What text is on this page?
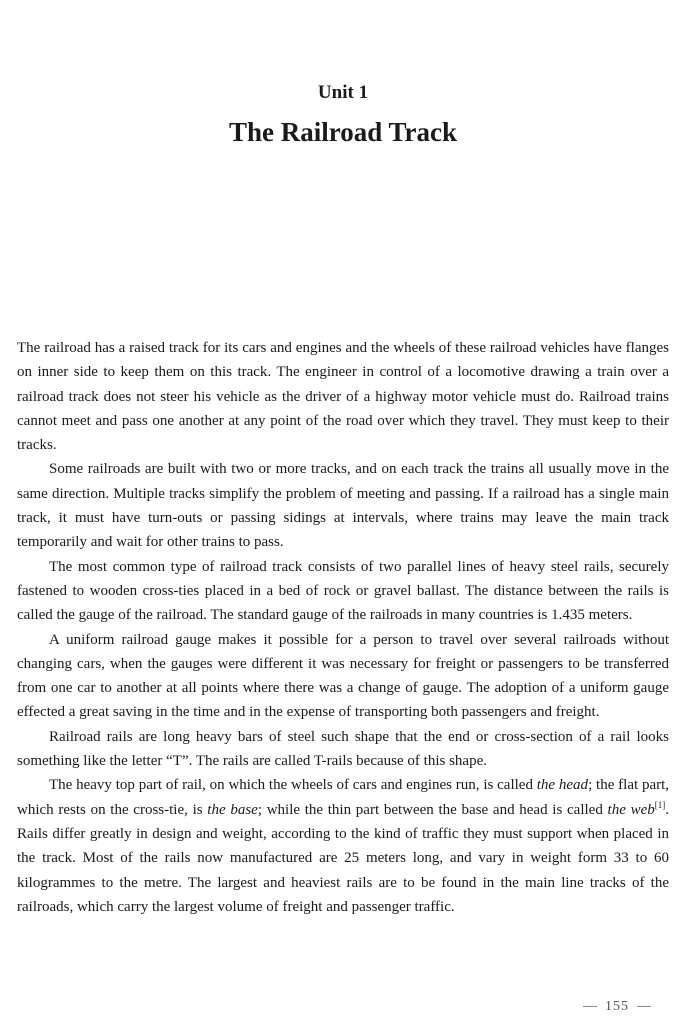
Unit 1
The Railroad Track

The railroad has a raised track for its cars and engines and the wheels of these railroad vehicles have flanges on inner side to keep them on this track. The engineer in control of a locomotive drawing a train over a railroad track does not steer his vehicle as the driver of a highway motor vehicle must do. Railroad trains cannot meet and pass one another at any point of the road over which they travel. They must keep to their tracks.

Some railroads are built with two or more tracks, and on each track the trains all usually move in the same direction. Multiple tracks simplify the problem of meeting and passing. If a railroad has a single main track, it must have turn-outs or passing sidings at intervals, where trains may leave the main track temporarily and wait for other trains to pass.

The most common type of railroad track consists of two parallel lines of heavy steel rails, securely fastened to wooden cross-ties placed in a bed of rock or gravel ballast. The distance between the rails is called the gauge of the railroad. The standard gauge of the railroads in many countries is 1.435 meters.

A uniform railroad gauge makes it possible for a person to travel over several railroads without changing cars, when the gauges were different it was necessary for freight or passengers to be transferred from one car to another at all points where there was a change of gauge. The adoption of a uniform gauge effected a great saving in the time and in the expense of transporting both passengers and freight.

Railroad rails are long heavy bars of steel such shape that the end or cross-section of a rail looks something like the letter “T”. The rails are called T-rails because of this shape.

The heavy top part of rail, on which the wheels of cars and engines run, is called the head; the flat part, which rests on the cross-tie, is the base; while the thin part between the base and head is called the web[1]. Rails differ greatly in design and weight, according to the kind of traffic they must support when placed in the track. Most of the rails now manufactured are 25 meters long, and vary in weight form 33 to 60 kilogrammes to the metre. The largest and heaviest rails are to be found in the main line tracks of the railroads, which carry the largest volume of freight and passenger traffic.

155
